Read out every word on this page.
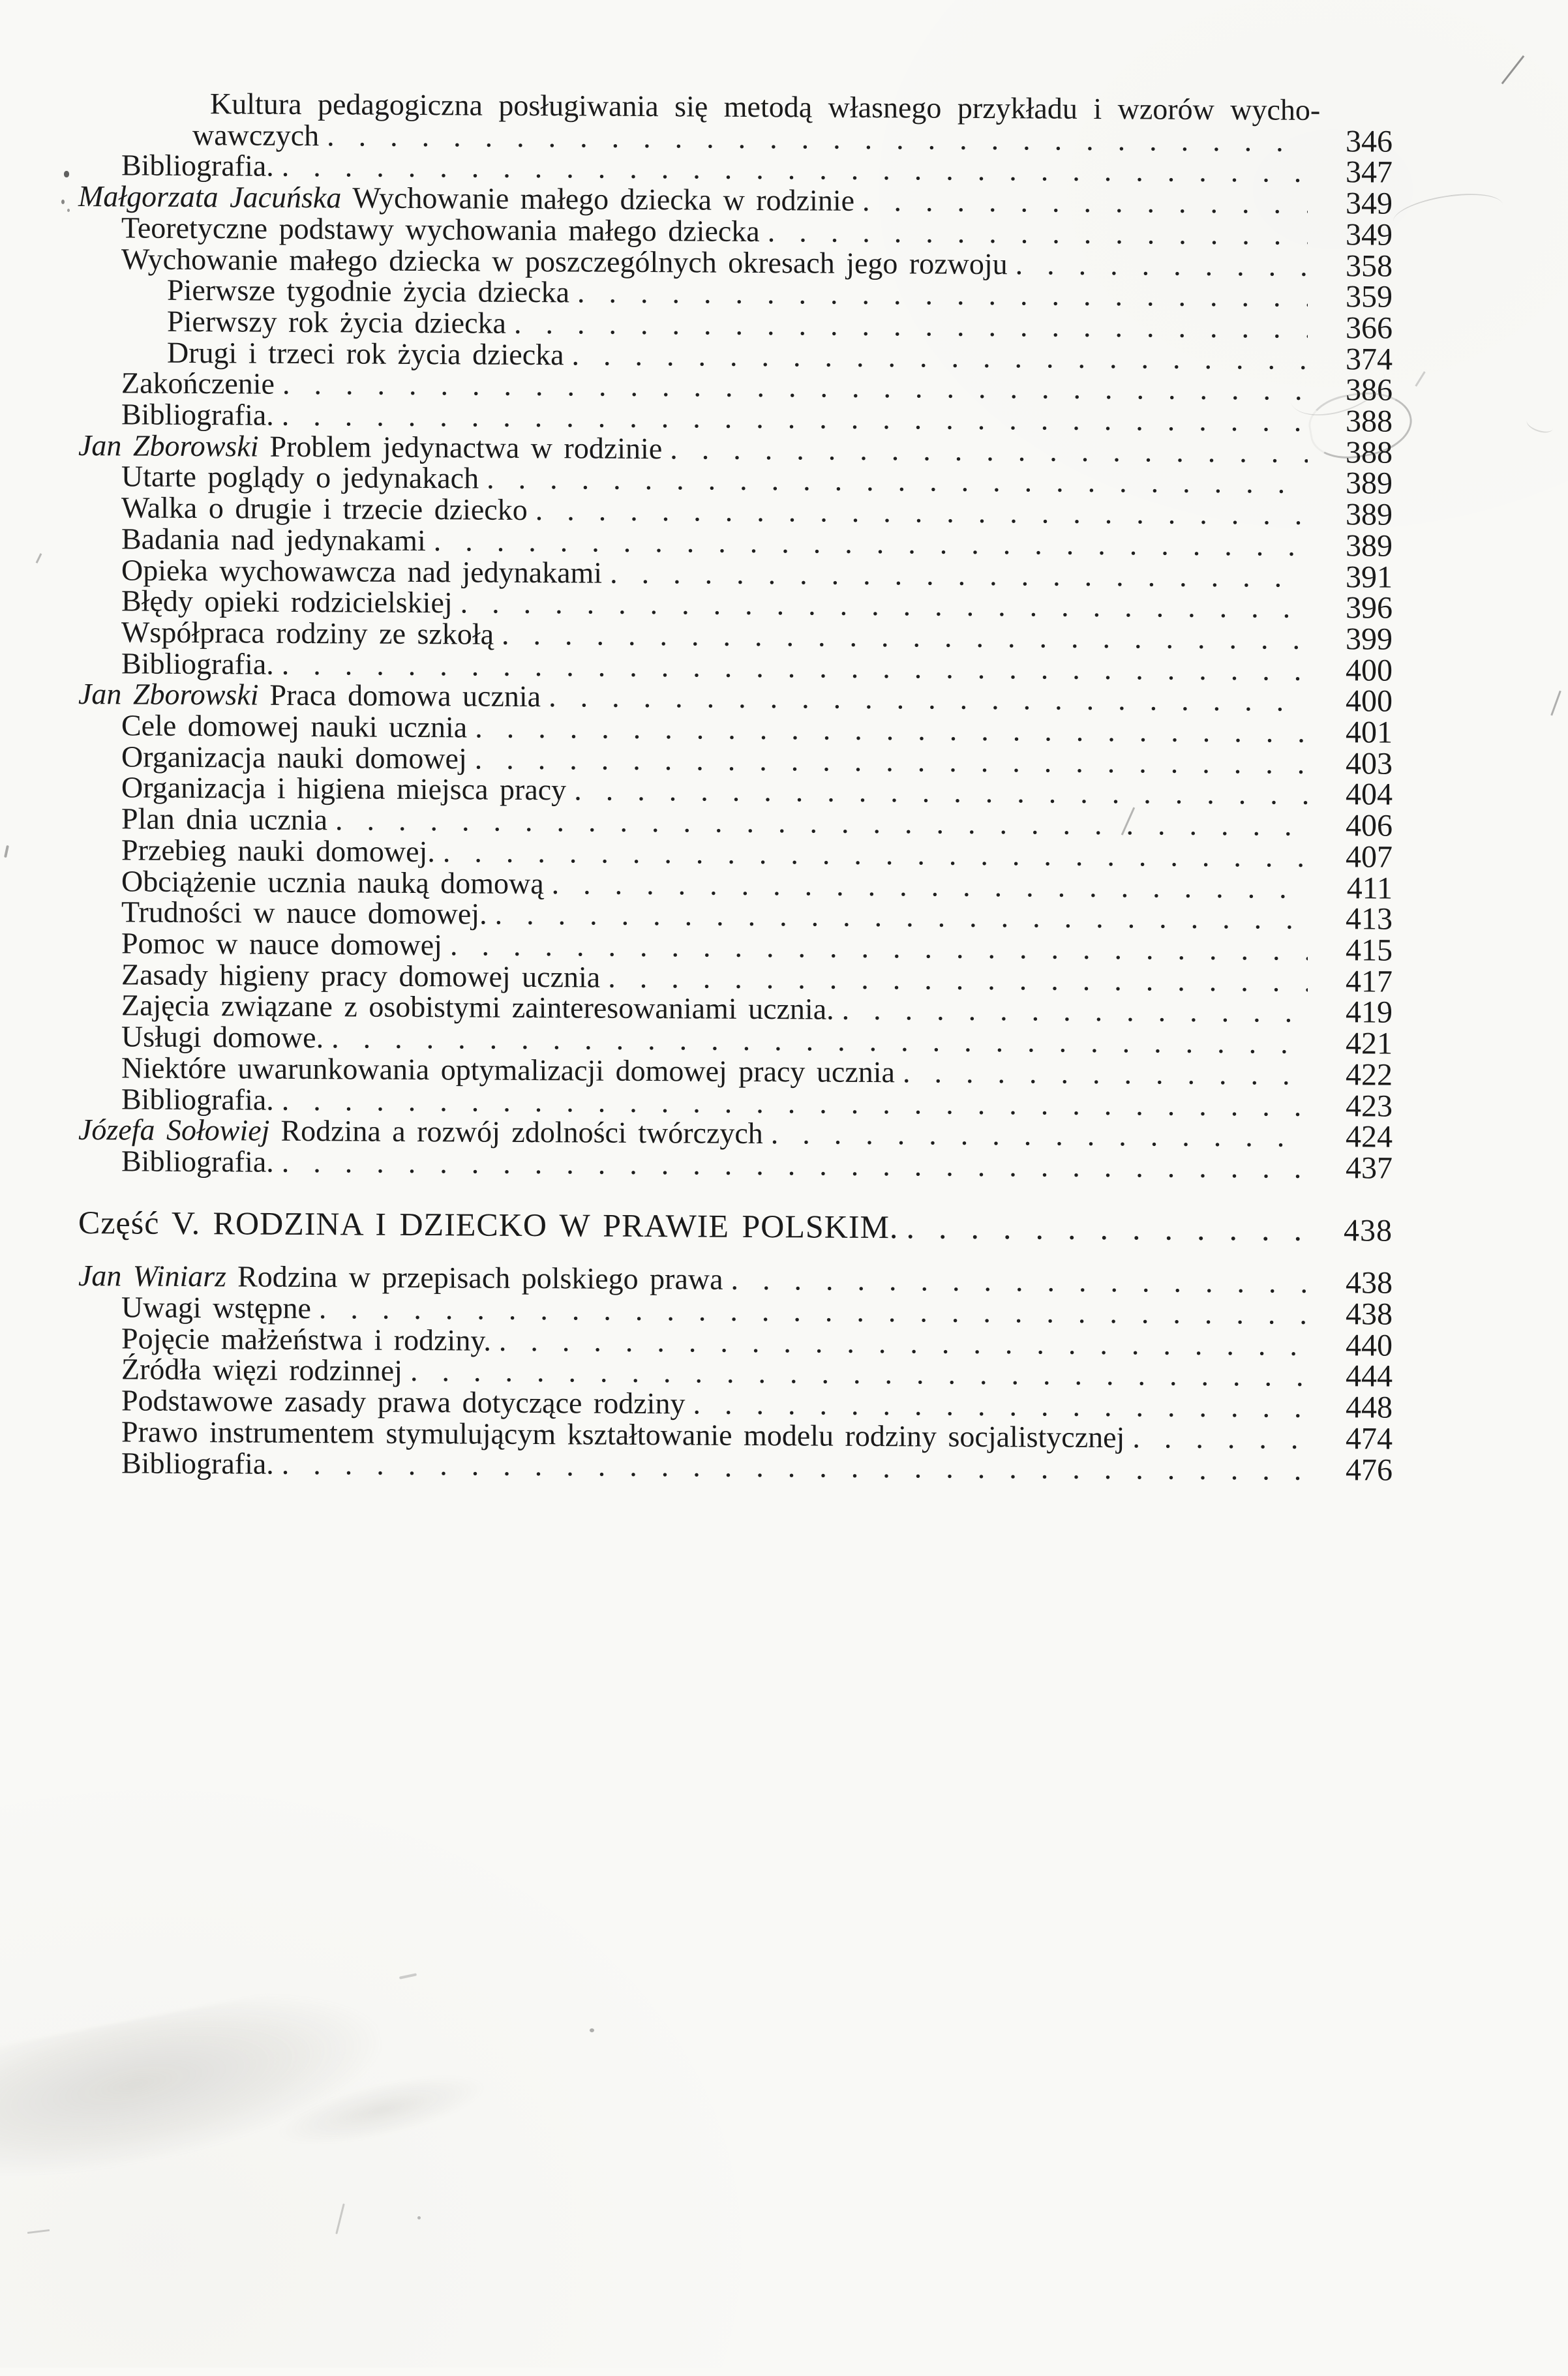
Kultura pedagogiczna posługiwania się metodą własnego przykładu i wzorów wycho-
wawczych .....	346
Bibliografia. .....	347
Małgorzata Jacuńska Wychowanie małego dziecka w rodzinie .....	349
Teoretyczne podstawy wychowania małego dziecka .....	349
Wychowanie małego dziecka w poszczególnych okresach jego rozwoju .....	358
Pierwsze tygodnie życia dziecka .....	359
Pierwszy rok życia dziecka .....	366
Drugi i trzeci rok życia dziecka .....	374
Zakończenie .....	386
Bibliografia. .....	388
Jan Zborowski Problem jedynactwa w rodzinie .....	388
Utarte poglądy o jedynakach .....	389
Walka o drugie i trzecie dziecko .....	389
Badania nad jedynakami .....	389
Opieka wychowawcza nad jedynakami .....	391
Błędy opieki rodzicielskiej .....	396
Współpraca rodziny ze szkołą .....	399
Bibliografia. .....	400
Jan Zborowski Praca domowa ucznia .....	400
Cele domowej nauki ucznia .....	401
Organizacja nauki domowej .....	403
Organizacja i higiena miejsca pracy .....	404
Plan dnia ucznia .....	406
Przebieg nauki domowej. .....	407
Obciążenie ucznia nauką domową .....	411
Trudności w nauce domowej. .....	413
Pomoc w nauce domowej .....	415
Zasady higieny pracy domowej ucznia .....	417
Zajęcia związane z osobistymi zainteresowaniami ucznia. .....	419
Usługi domowe. .....	421
Niektóre uwarunkowania optymalizacji domowej pracy ucznia .....	422
Bibliografia. .....	423
Józefa Sołowiej Rodzina a rozwój zdolności twórczych .....	424
Bibliografia. .....	437
Część V. RODZINA I DZIECKO W PRAWIE POLSKIM. .....	438
Jan Winiarz Rodzina w przepisach polskiego prawa .....	438
Uwagi wstępne .....	438
Pojęcie małżeństwa i rodziny. .....	440
Źródła więzi rodzinnej .....	444
Podstawowe zasady prawa dotyczące rodziny .....	448
Prawo instrumentem stymulującym kształtowanie modelu rodziny socjalistycznej .....	474
Bibliografia. .....	476
